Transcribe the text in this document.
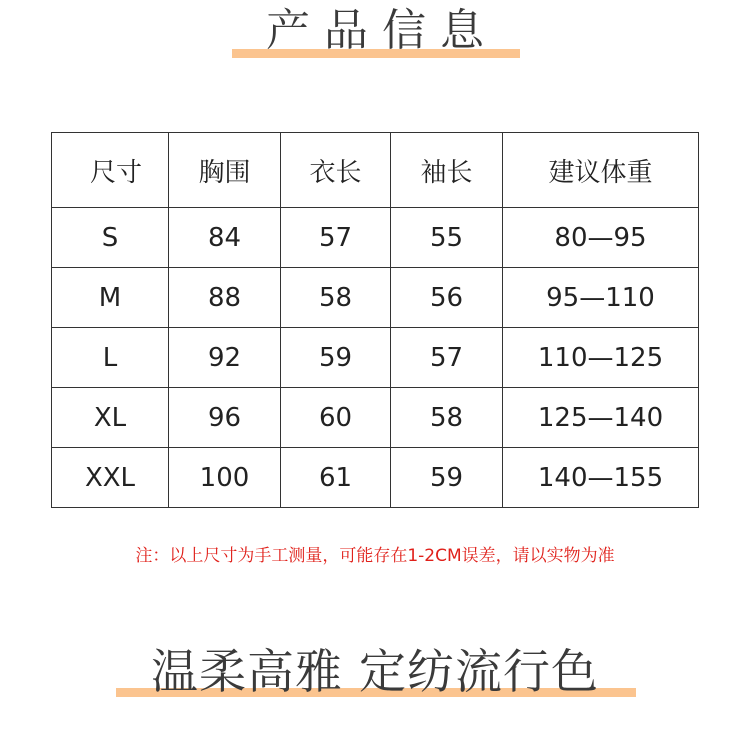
产品信息
尺寸	胸围	衣长	袖长	建议体重
S	84	57	55	80—95
M	88	58	56	95—110
L	92	59	57	110—125
XL	96	60	58	125—140
XXL	100	61	59	140—155
注：以上尺寸为手工测量，可能存在1-2CM误差，请以实物为准
温柔高雅 定纺流行色
